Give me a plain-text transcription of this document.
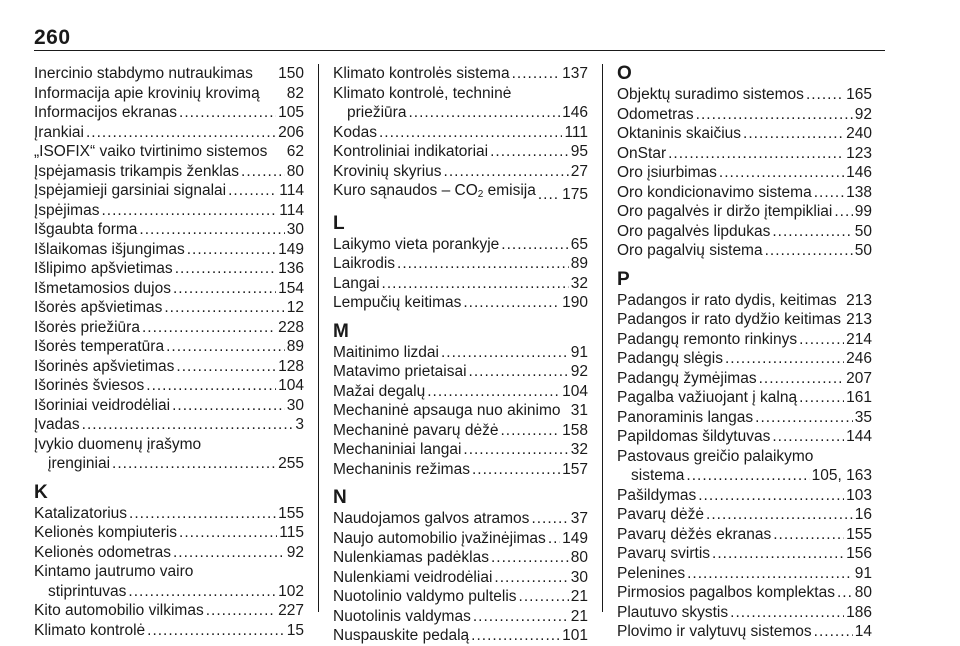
260
Inercinio stabdymo nutraukimas 150
Informacija apie krovinių krovimą 82
Informacijos ekranas .....	105
Įrankiai .....	206
„ISOFIX“ vaiko tvirtinimo sistemos 62
Įspėjamasis trikampis ženklas .....	80
Įspėjamieji garsiniai signalai .....	114
Įspėjimas .....	114
Išgaubta forma .....	30
Išlaikomas išjungimas .....	149
Išlipimo apšvietimas .....	136
Išmetamosios dujos .....	154
Išorės apšvietimas .....	12
Išorės priežiūra .....	228
Išorės temperatūra .....	89
Išorinės apšvietimas .....	128
Išorinės šviesos .....	104
Išoriniai veidrodėliai .....	30
Įvadas .....	3
Įvykio duomenų įrašymo
įrenginiai .....	255
K
Katalizatorius .....	155
Kelionės kompiuteris .....	115
Kelionės odometras .....	92
Kintamo jautrumo vairo
stiprintuvas .....	102
Kito automobilio vilkimas .....	227
Klimato kontrolė .....	15
Klimato kontrolės sistema .....	137
Klimato kontrolė, techninė
priežiūra .....	146
Kodas .....	111
Kontroliniai indikatoriai .....	95
Krovinių skyrius .....	27
Kuro sąnaudos – $CO_2$ emisija ..... 175
L
Laikymo vieta porankyje .....	65
Laikrodis .....	89
Langai .....	32
Lempučių keitimas .....	190
M
Maitinimo lizdai .....	91
Matavimo prietaisai .....	92
Mažai degalų .....	104
Mechaninė apsauga nuo akinimo 31
Mechaninė pavarų dėžė .....	158
Mechaniniai langai .....	32
Mechaninis režimas .....	157
N
Naudojamos galvos atramos .....	37
Naujo automobilio įvažinėjimas ..... 149
Nulenkiamas padėklas .....	80
Nulenkiami veidrodėliai .....	30
Nuotolinio valdymo pultelis .....	21
Nuotolinis valdymas .....	21
Nuspauskite pedalą .....	101
O
Objektų suradimo sistemos .....	165
Odometras .....	92
Oktaninis skaičius .....	240
OnStar .....	123
Oro įsiurbimas .....	146
Oro kondicionavimo sistema ..... 138
Oro pagalvės ir diržo įtempikliai ..... 99
Oro pagalvės lipdukas .....	50
Oro pagalvių sistema .....	50
P
Padangos ir rato dydis, keitimas 213
Padangos ir rato dydžio keitimas 213
Padangų remonto rinkinys .....	214
Padangų slėgis .....	246
Padangų žymėjimas .....	207
Pagalba važiuojant į kalną .....	161
Panoraminis langas .....	35
Papildomas šildytuvas .....	144
Pastovaus greičio palaikymo
sistema .....	105, 163
Pašildymas .....	103
Pavarų dėžė .....	16
Pavarų dėžės ekranas .....	155
Pavarų svirtis .....	156
Pelenines .....	91
Pirmosios pagalbos komplektas ..... 80
Plautuvo skystis .....	186
Plovimo ir valytuvų sistemos .....	14
